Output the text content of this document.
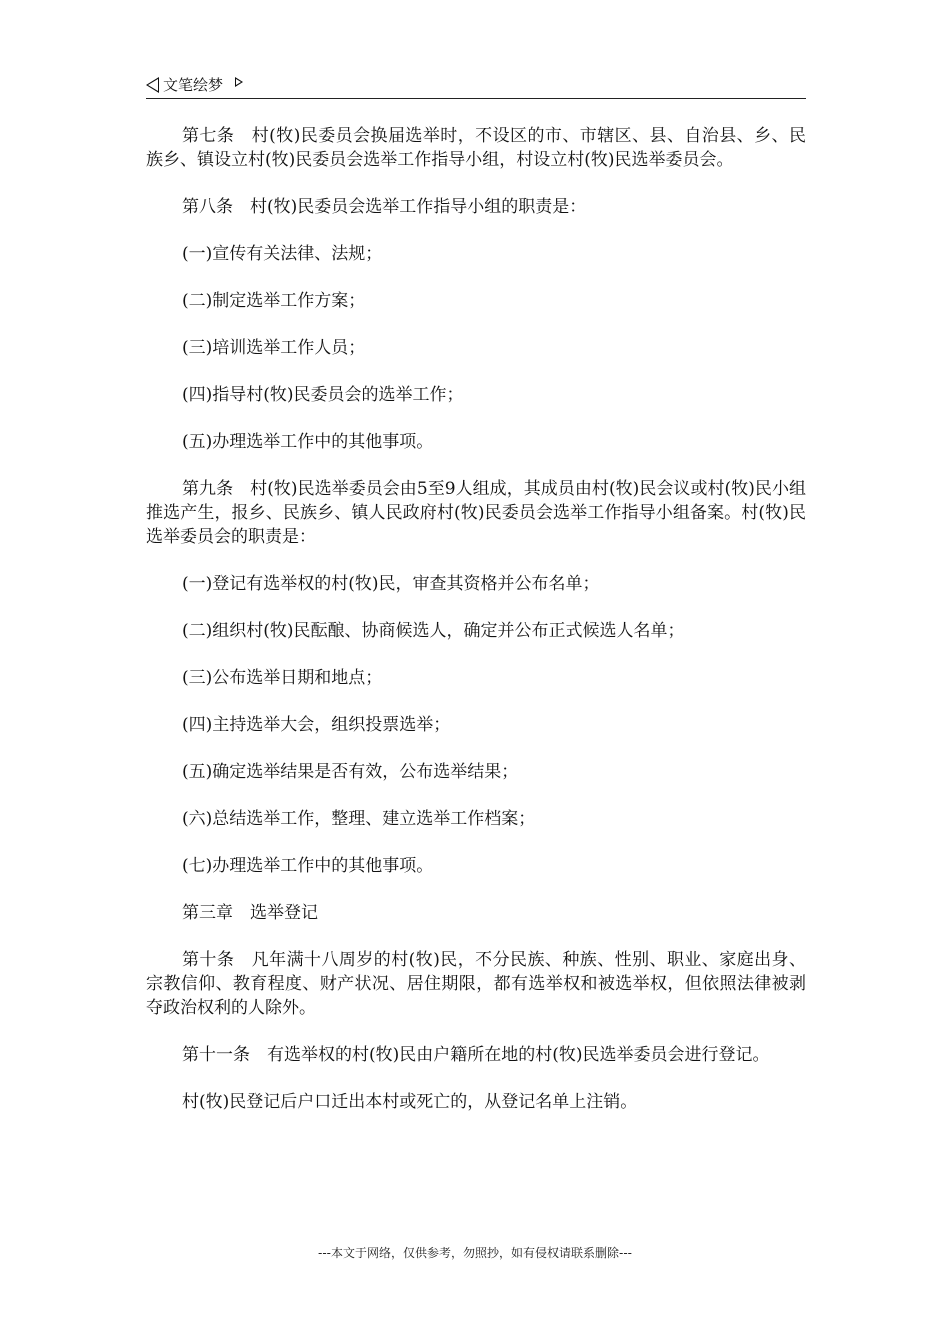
文笔绘梦

第七条　村(牧)民委员会换届选举时，不设区的市、市辖区、县、自治县、乡、民族乡、镇设立村(牧)民委员会选举工作指导小组，村设立村(牧)民选举委员会。

第八条　村(牧)民委员会选举工作指导小组的职责是：

(一)宣传有关法律、法规；

(二)制定选举工作方案；

(三)培训选举工作人员；

(四)指导村(牧)民委员会的选举工作；

(五)办理选举工作中的其他事项。

第九条　村(牧)民选举委员会由5至9人组成，其成员由村(牧)民会议或村(牧)民小组推选产生，报乡、民族乡、镇人民政府村(牧)民委员会选举工作指导小组备案。村(牧)民选举委员会的职责是：

(一)登记有选举权的村(牧)民，审查其资格并公布名单；

(二)组织村(牧)民酝酿、协商候选人，确定并公布正式候选人名单；

(三)公布选举日期和地点；

(四)主持选举大会，组织投票选举；

(五)确定选举结果是否有效，公布选举结果；

(六)总结选举工作，整理、建立选举工作档案；

(七)办理选举工作中的其他事项。

第三章　选举登记

第十条　凡年满十八周岁的村(牧)民，不分民族、种族、性别、职业、家庭出身、宗教信仰、教育程度、财产状况、居住期限，都有选举权和被选举权，但依照法律被剥夺政治权利的人除外。

第十一条　有选举权的村(牧)民由户籍所在地的村(牧)民选举委员会进行登记。

村(牧)民登记后户口迁出本村或死亡的，从登记名单上注销。

---本文于网络，仅供参考，勿照抄，如有侵权请联系删除---
